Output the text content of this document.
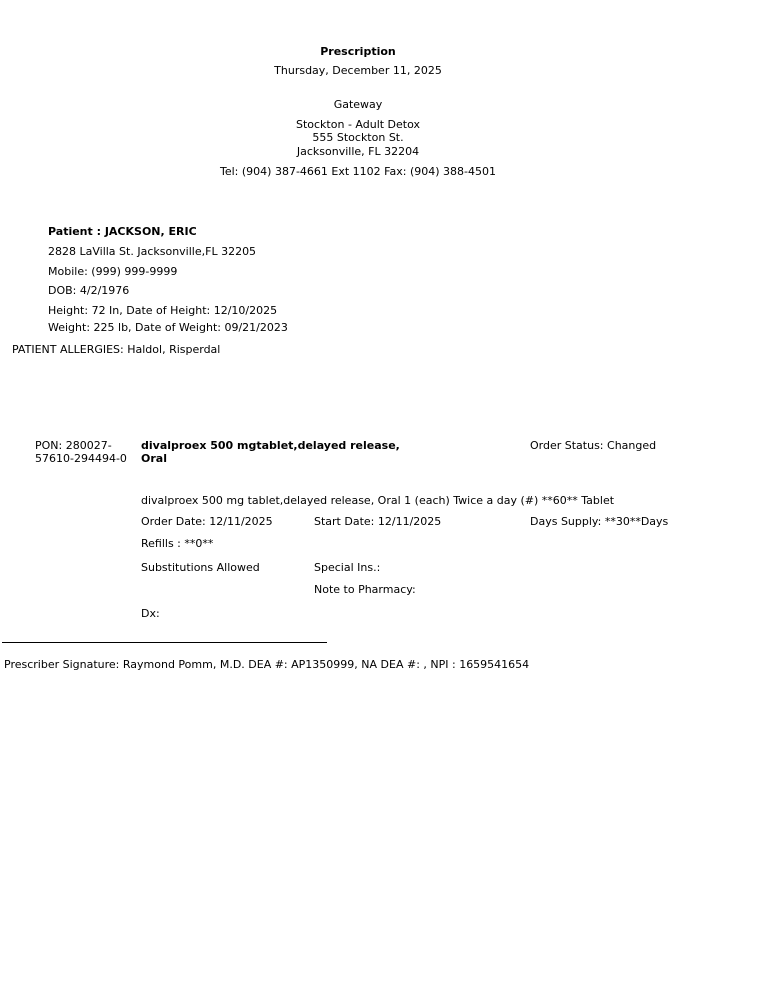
Prescription
Thursday, December 11, 2025
Gateway
Stockton - Adult Detox
555 Stockton St.
Jacksonville, FL 32204
Tel: (904) 387-4661 Ext 1102 Fax: (904) 388-4501
Patient : JACKSON, ERIC
2828 LaVilla St. Jacksonville,FL 32205
Mobile: (999) 999-9999
DOB: 4/2/1976
Height: 72 In, Date of Height: 12/10/2025
Weight: 225 lb, Date of Weight: 09/21/2023
PATIENT ALLERGIES: Haldol, Risperdal
PON: 280027-
57610-294494-0
divalproex 500 mgtablet,delayed release,
Oral
Order Status: Changed
divalproex 500 mg tablet,delayed release, Oral 1 (each) Twice a day (#) **60** Tablet
Order Date: 12/11/2025	Start Date: 12/11/2025	Days Supply: **30**Days
Refills : **0**
Substitutions Allowed	Special Ins.:
Note to Pharmacy:
Dx:
Prescriber Signature: Raymond Pomm, M.D. DEA #: AP1350999, NA DEA #: , NPI : 1659541654
